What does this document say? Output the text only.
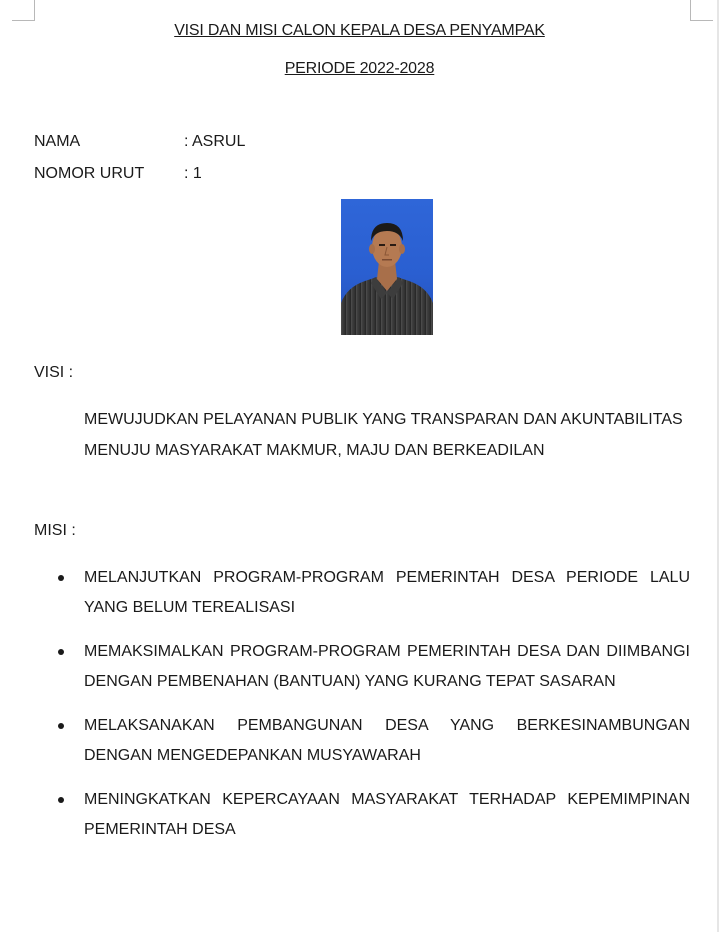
VISI DAN MISI CALON KEPALA DESA PENYAMPAK
PERIODE 2022-2028
NAMA	: ASRUL
NOMOR URUT : 1
VISI :

MEWUJUDKAN PELAYANAN PUBLIK YANG TRANSPARAN DAN AKUNTABILITAS MENUJU MASYARAKAT MAKMUR, MAJU DAN BERKEADILAN

MISI :
MELANJUTKAN PROGRAM-PROGRAM PEMERINTAH DESA PERIODE LALU YANG BELUM TEREALISASI
MEMAKSIMALKAN PROGRAM-PROGRAM PEMERINTAH DESA DAN DIIMBANGI DENGAN PEMBENAHAN (BANTUAN) YANG KURANG TEPAT SASARAN
MELAKSANAKAN PEMBANGUNAN DESA YANG BERKESINAMBUNGAN DENGAN MENGEDEPANKAN MUSYAWARAH
MENINGKATKAN KEPERCAYAAN MASYARAKAT TERHADAP KEPEMIMPINAN PEMERINTAH DESA
